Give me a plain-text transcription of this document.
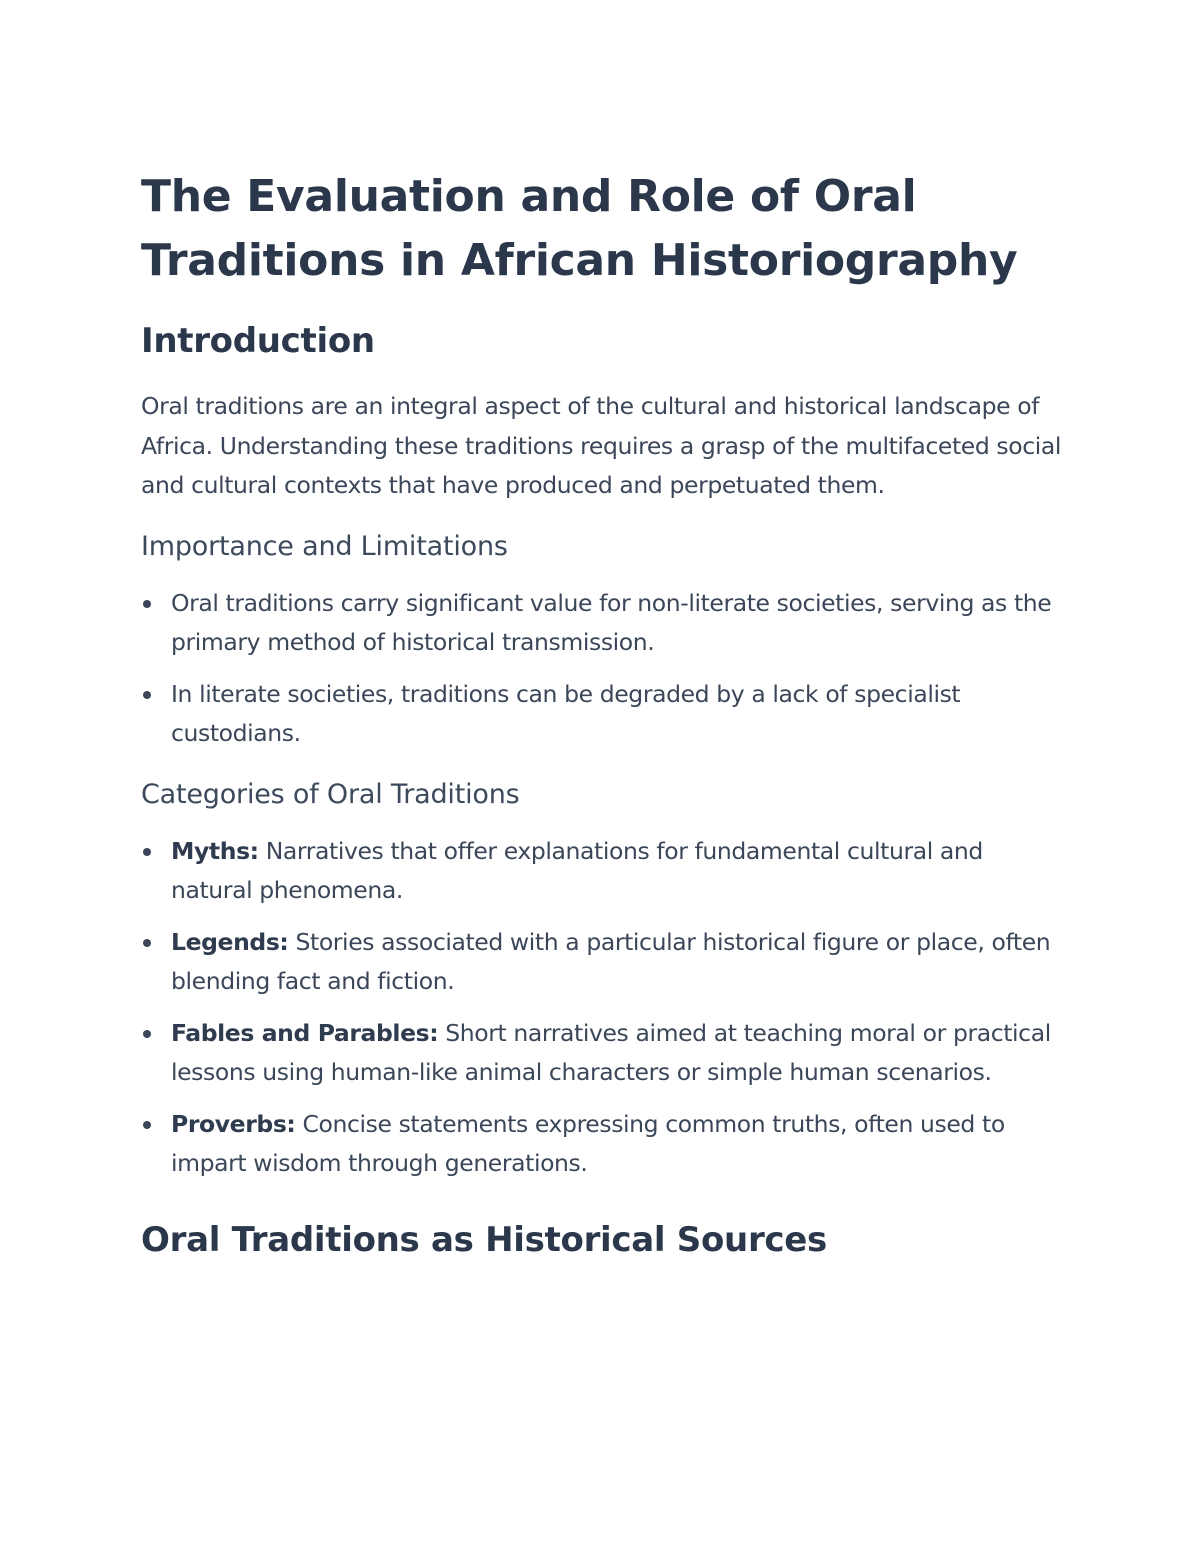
The Evaluation and Role of Oral Traditions in African Historiography
Introduction

Oral traditions are an integral aspect of the cultural and historical landscape of Africa. Understanding these traditions requires a grasp of the multifaceted social and cultural contexts that have produced and perpetuated them.

Importance and Limitations
Oral traditions carry significant value for non-literate societies, serving as the primary method of historical transmission.
In literate societies, traditions can be degraded by a lack of specialist custodians.
Categories of Oral Traditions
Myths: Narratives that offer explanations for fundamental cultural and natural phenomena.
Legends: Stories associated with a particular historical figure or place, often blending fact and fiction.
Fables and Parables: Short narratives aimed at teaching moral or practical lessons using human-like animal characters or simple human scenarios.
Proverbs: Concise statements expressing common truths, often used to impart wisdom through generations.
Oral Traditions as Historical Sources
